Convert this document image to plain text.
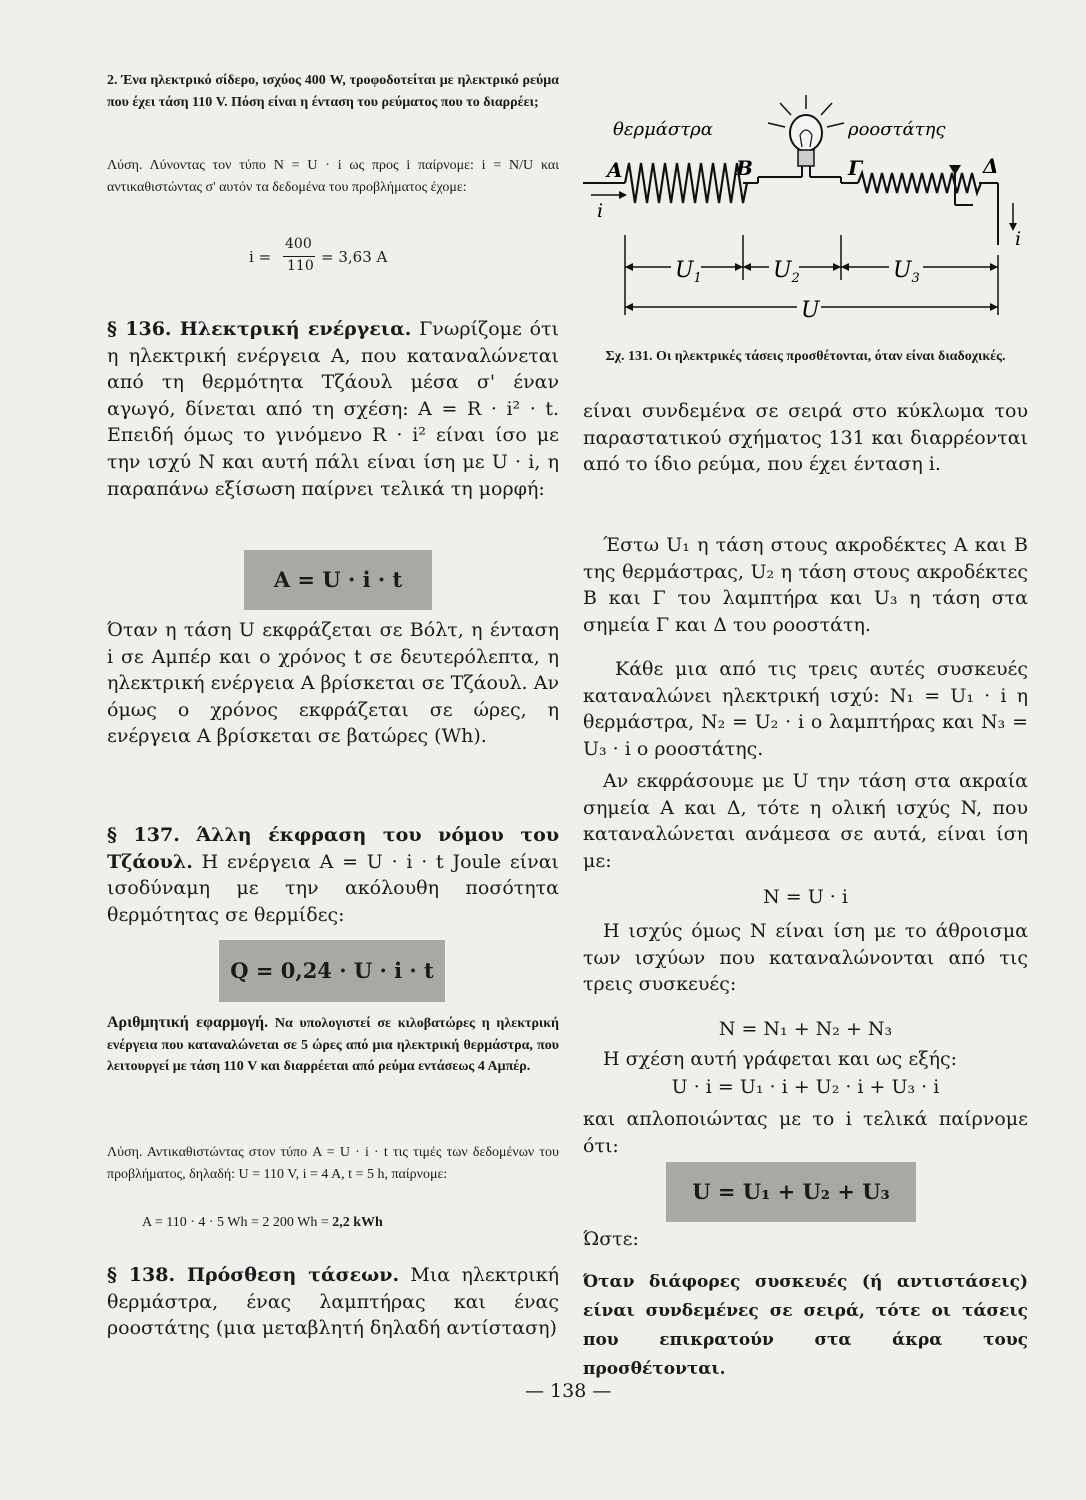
2. Ένα ηλεκτρικό σίδερο, ισχύος 400 W, τροφοδοτείται με ηλεκτρικό ρεύμα που έχει τάση 110 V. Πόση είναι η ένταση του ρεύματος που το διαρρέει;

Λύση. Λύνοντας τον τύπο N = U · i ως προς i παίρνομε: i = N/U και αντικαθιστώντας σ' αυτόν τα δεδομένα του προβλήματος έχομε:

i =
400
110 = 3,63 A

§ 136. Ηλεκτρική ενέργεια. Γνωρίζομε ότι η ηλεκτρική ενέργεια A, που καταναλώνεται από τη θερμότητα Τζάουλ μέσα σ' έναν αγωγό, δίνεται από τη σχέση: A = R · i² · t. Επειδή όμως το γινόμενο R · i² είναι ίσο με την ισχύ N και αυτή πάλι είναι ίση με U · i, η παραπάνω εξίσωση παίρνει τελικά τη μορφή:

A = U · i · t

Όταν η τάση U εκφράζεται σε Βόλτ, η ένταση i σε Αμπέρ και ο χρόνος t σε δευτερόλεπτα, η ηλεκτρική ενέργεια A βρίσκεται σε Τζάουλ. Αν όμως ο χρόνος εκφράζεται σε ώρες, η ενέργεια A βρίσκεται σε βατώρες (Wh).

§ 137. Άλλη έκφραση του νόμου του Τζάουλ. Η ενέργεια A = U · i · t Joule είναι ισοδύναμη με την ακόλουθη ποσότητα θερμότητας σε θερμίδες:

Q = 0,24 · U · i · t

Αριθμητική εφαρμογή. Να υπολογιστεί σε κιλοβατώρες η ηλεκτρική ενέργεια που καταναλώνεται σε 5 ώρες από μια ηλεκτρική θερμάστρα, που λειτουργεί με τάση 110 V και διαρρέεται από ρεύμα εντάσεως 4 Αμπέρ.

Λύση. Αντικαθιστώντας στον τύπο A = U · i · t τις τιμές των δεδομένων του προβλήματος, δηλαδή: U = 110 V, i = 4 A, t = 5 h, παίρνομε:

A = 110 · 4 · 5 Wh = 2 200 Wh = 2,2 kWh

§ 138. Πρόσθεση τάσεων. Μια ηλεκτρική θερμάστρα, ένας λαμπτήρας και ένας ροοστάτης (μια μεταβλητή δηλαδή αντίσταση)

θερμάστρα	ροοστάτης
A	B	Γ	Δ
i
i
$U_1$	$U_2$	$U_3$
U

Σχ. 131. Οι ηλεκτρικές τάσεις προσθέτονται, όταν είναι διαδοχικές.

είναι συνδεμένα σε σειρά στο κύκλωμα του παραστατικού σχήματος 131 και διαρρέονται από το ίδιο ρεύμα, που έχει ένταση i.

Έστω U₁ η τάση στους ακροδέκτες A και B της θερμάστρας, U₂ η τάση στους ακροδέκτες B και Γ του λαμπτήρα και U₃ η τάση στα σημεία Γ και Δ του ροοστάτη.

Κάθε μια από τις τρεις αυτές συσκευές καταναλώνει ηλεκτρική ισχύ: N₁ = U₁ · i η θερμάστρα, N₂ = U₂ · i ο λαμπτήρας και N₃ = U₃ · i ο ροοστάτης.

Αν εκφράσουμε με U την τάση στα ακραία σημεία A και Δ, τότε η ολική ισχύς N, που καταναλώνεται ανάμεσα σε αυτά, είναι ίση με:

N = U · i

Η ισχύς όμως N είναι ίση με το άθροισμα των ισχύων που καταναλώνονται από τις τρεις συσκευές:

N = N₁ + N₂ + N₃

Η σχέση αυτή γράφεται και ως εξής:

U · i = U₁ · i + U₂ · i + U₃ · i

και απλοποιώντας με το i τελικά παίρνομε ότι:

U = U₁ + U₂ + U₃

Ώστε:

Όταν διάφορες συσκευές (ή αντιστάσεις) είναι συνδεμένες σε σειρά, τότε οι τάσεις που επικρατούν στα άκρα τους προσθέτονται.

— 138 —
